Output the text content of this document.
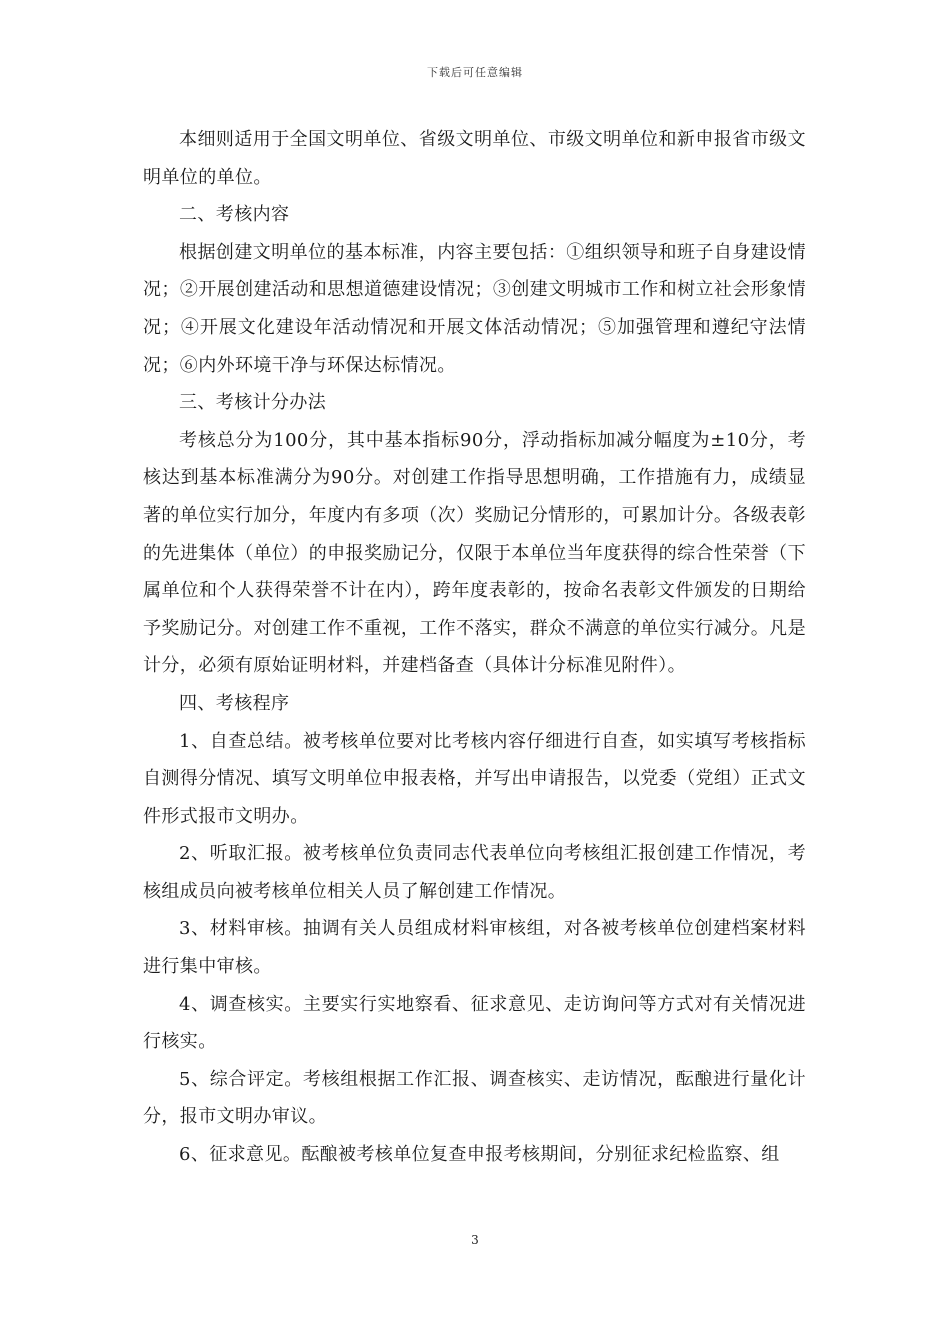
下载后可任意编辑

本细则适用于全国文明单位、省级文明单位、市级文明单位和新申报省市级文明单位的单位。

二、考核内容

根据创建文明单位的基本标准，内容主要包括：①组织领导和班子自身建设情况；②开展创建活动和思想道德建设情况；③创建文明城市工作和树立社会形象情况；④开展文化建设年活动情况和开展文体活动情况；⑤加强管理和遵纪守法情况；⑥内外环境干净与环保达标情况。

三、考核计分办法

考核总分为100分，其中基本指标90分，浮动指标加减分幅度为±10分，考核达到基本标准满分为90分。对创建工作指导思想明确，工作措施有力，成绩显著的单位实行加分，年度内有多项（次）奖励记分情形的，可累加计分。各级表彰的先进集体（单位）的申报奖励记分，仅限于本单位当年度获得的综合性荣誉（下属单位和个人获得荣誉不计在内），跨年度表彰的，按命名表彰文件颁发的日期给予奖励记分。对创建工作不重视，工作不落实，群众不满意的单位实行减分。凡是计分，必须有原始证明材料，并建档备查（具体计分标准见附件）。

四、考核程序

1、自查总结。被考核单位要对比考核内容仔细进行自查，如实填写考核指标自测得分情况、填写文明单位申报表格，并写出申请报告，以党委（党组）正式文件形式报市文明办。

2、听取汇报。被考核单位负责同志代表单位向考核组汇报创建工作情况，考核组成员向被考核单位相关人员了解创建工作情况。

3、材料审核。抽调有关人员组成材料审核组，对各被考核单位创建档案材料进行集中审核。

4、调查核实。主要实行实地察看、征求意见、走访询问等方式对有关情况进行核实。

5、综合评定。考核组根据工作汇报、调查核实、走访情况，酝酿进行量化计分，报市文明办审议。

6、征求意见。酝酿被考核单位复查申报考核期间，分别征求纪检监察、组

3
